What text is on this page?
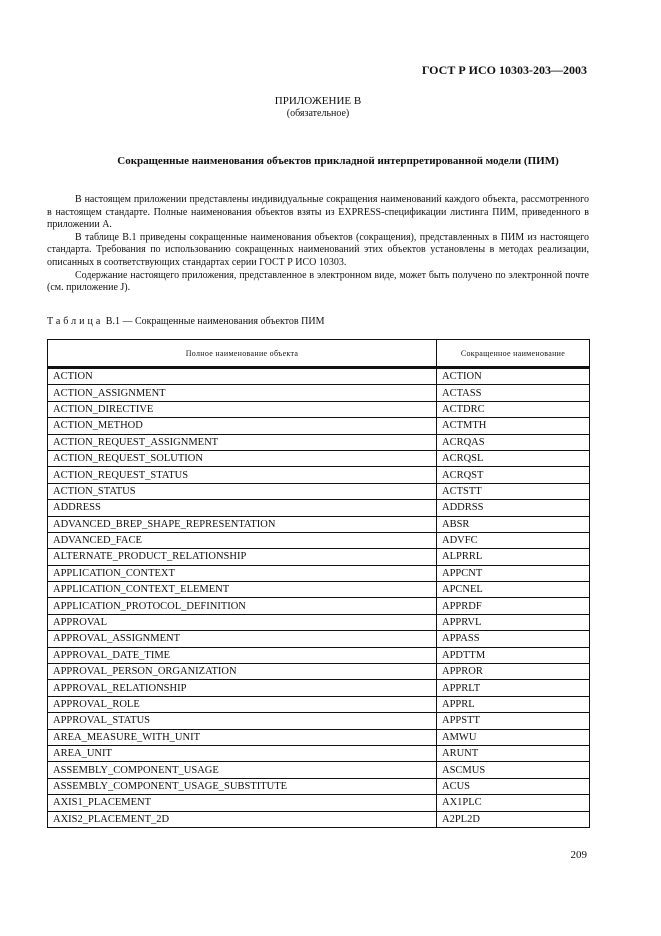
ГОСТ Р ИСО 10303-203—2003
ПРИЛОЖЕНИЕ В
(обязательное)
Сокращенные наименования объектов прикладной интерпретированной модели (ПИМ)

В настоящем приложении представлены индивидуальные сокращения наименований каждого объекта, рассмотренного в настоящем стандарте. Полные наименования объектов взяты из EXPRESS-спецификации листинга ПИМ, приведенного в приложении А.

В таблице В.1 приведены сокращенные наименования объектов (сокращения), представленных в ПИМ из настоящего стандарта. Требования по использованию сокращенных наименований этих объектов установлены в методах реализации, описанных в соответствующих стандартах серии ГОСТ Р ИСО 10303.

Содержание настоящего приложения, представленное в электронном виде, может быть получено по электронной почте (см. приложение J).

Таблица В.1 — Сокращенные наименования объектов ПИМ
Полное наименование объекта	Сокращенное наименование
ACTION	ACTION
ACTION_ASSIGNMENT	ACTASS
ACTION_DIRECTIVE	ACTDRC
ACTION_METHOD	ACTMTH
ACTION_REQUEST_ASSIGNMENT	ACRQAS
ACTION_REQUEST_SOLUTION	ACRQSL
ACTION_REQUEST_STATUS	ACRQST
ACTION_STATUS	ACTSTT
ADDRESS	ADDRSS
ADVANCED_BREP_SHAPE_REPRESENTATION	ABSR
ADVANCED_FACE	ADVFC
ALTERNATE_PRODUCT_RELATIONSHIP	ALPRRL
APPLICATION_CONTEXT	APPCNT
APPLICATION_CONTEXT_ELEMENT	APCNEL
APPLICATION_PROTOCOL_DEFINITION	APPRDF
APPROVAL	APPRVL
APPROVAL_ASSIGNMENT	APPASS
APPROVAL_DATE_TIME	APDTTM
APPROVAL_PERSON_ORGANIZATION	APPROR
APPROVAL_RELATIONSHIP	APPRLT
APPROVAL_ROLE	APPRL
APPROVAL_STATUS	APPSTT
AREA_MEASURE_WITH_UNIT	AMWU
AREA_UNIT	ARUNT
ASSEMBLY_COMPONENT_USAGE	ASCMUS
ASSEMBLY_COMPONENT_USAGE_SUBSTITUTE	ACUS
AXIS1_PLACEMENT	AX1PLC
AXIS2_PLACEMENT_2D	A2PL2D
209
